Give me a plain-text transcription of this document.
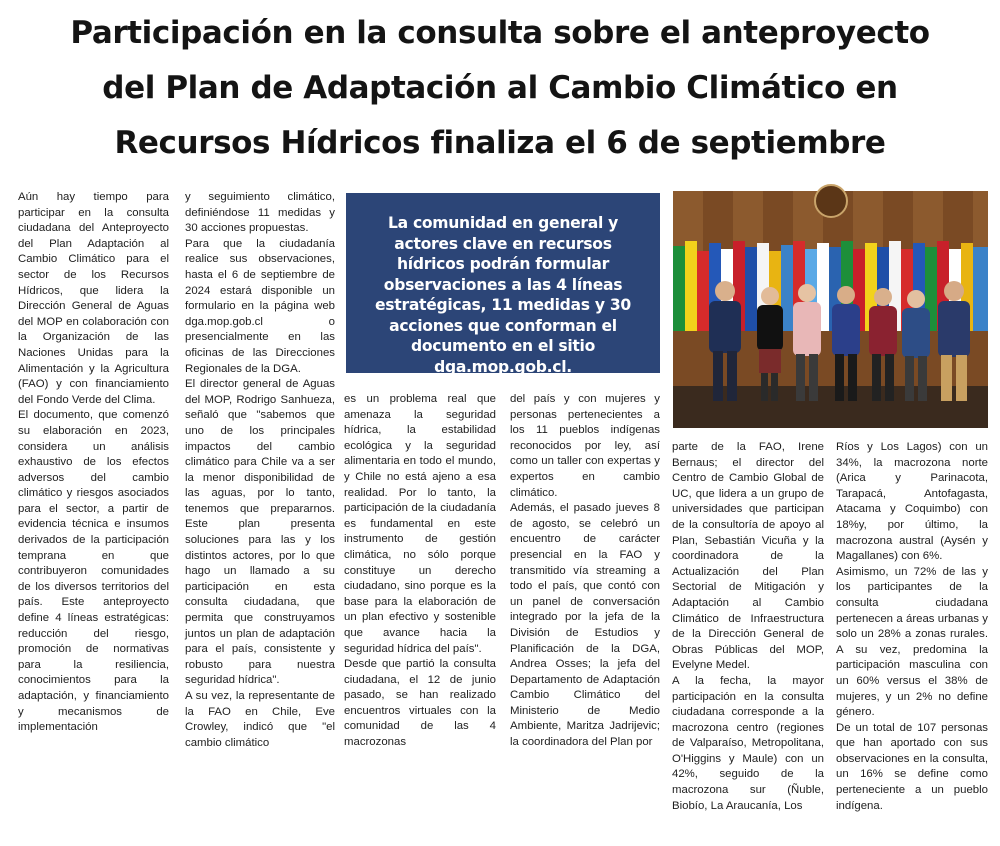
Participación en la consulta sobre el anteproyecto
del Plan de Adaptación al Cambio Climático en
Recursos Hídricos finaliza el 6 de septiembre

Aún hay tiempo para participar en la consulta ciudadana del Anteproyecto del Plan Adaptación al Cambio Climático para el sector de los Recursos Hídricos, que lidera la Dirección General de Aguas del MOP en colaboración con la Organización de las Naciones Unidas para la Alimentación y la Agricultura (FAO) y con financiamiento del Fondo Verde del Clima.

El documento, que comenzó su elaboración en 2023, considera un análisis exhaustivo de los efectos adversos del cambio climático y riesgos asociados para el sector, a partir de evidencia técnica e insumos derivados de la participación temprana en que contribuyeron comunidades de los diversos territorios del país. Este anteproyecto define 4 líneas estratégicas: reducción del riesgo, promoción de normativas para la resiliencia, conocimientos para la adaptación, y financiamiento y mecanismos de implementación

y seguimiento climático, definiéndose 11 medidas y 30 acciones propuestas.

Para que la ciudadanía realice sus observaciones, hasta el 6 de septiembre de 2024 estará disponible un formulario en la página web dga.mop.gob.cl o presencialmente en las oficinas de las Direcciones Regionales de la DGA.

El director general de Aguas del MOP, Rodrigo Sanhueza, señaló que "sabemos que uno de los principales impactos del cambio climático para Chile va a ser la menor disponibilidad de las aguas, por lo tanto, tenemos que prepararnos. Este plan presenta soluciones para las y los distintos actores, por lo que hago un llamado a su participación en esta consulta ciudadana, que permita que construyamos juntos un plan de adaptación para el país, consistente y robusto para nuestra seguridad hídrica".

A su vez, la representante de la FAO en Chile, Eve Crowley, indicó que "el cambio climático

La comunidad en general y actores clave en recursos hídricos podrán formular observaciones a las 4 líneas estratégicas, 11 medidas y 30 acciones que conforman el documento en el sitio dga.mop.gob.cl.

es un problema real que amenaza la seguridad hídrica, la estabilidad ecológica y la seguridad alimentaria en todo el mundo, y Chile no está ajeno a esa realidad. Por lo tanto, la participación de la ciudadanía es fundamental en este instrumento de gestión climática, no sólo porque constituye un derecho ciudadano, sino porque es la base para la elaboración de un plan efectivo y sostenible que avance hacia la seguridad hídrica del país".

Desde que partió la consulta ciudadana, el 12 de junio pasado, se han realizado encuentros virtuales con la comunidad de las 4 macrozonas

del país y con mujeres y personas pertenecientes a los 11 pueblos indígenas reconocidos por ley, así como un taller con expertas y expertos en cambio climático.

Además, el pasado jueves 8 de agosto, se celebró un encuentro de carácter presencial en la FAO y transmitido vía streaming a todo el país, que contó con un panel de conversación integrado por la jefa de la División de Estudios y Planificación de la DGA, Andrea Osses; la jefa del Departamento de Adaptación Cambio Climático del Ministerio de Medio Ambiente, Maritza Jadrijevic; la coordinadora del Plan por

parte de la FAO, Irene Bernaus; el director del Centro de Cambio Global de UC, que lidera a un grupo de universidades que participan de la consultoría de apoyo al Plan, Sebastián Vicuña y la coordinadora de la Actualización del Plan Sectorial de Mitigación y Adaptación al Cambio Climático de Infraestructura de la Dirección General de Obras Públicas del MOP, Evelyne Medel.

A la fecha, la mayor participación en la consulta ciudadana corresponde a la macrozona centro (regiones de Valparaíso, Metropolitana, O'Higgins y Maule) con un 42%, seguido de la macrozona sur (Ñuble, Biobío, La Araucanía, Los

Ríos y Los Lagos) con un 34%, la macrozona norte (Arica y Parinacota, Tarapacá, Antofagasta, Atacama y Coquimbo) con 18%y, por último, la macrozona austral (Aysén y Magallanes) con 6%.

Asimismo, un 72% de las y los participantes de la consulta ciudadana pertenecen a áreas urbanas y solo un 28% a zonas rurales. A su vez, predomina la participación masculina con un 60% versus el 38% de mujeres, y un 2% no define género.

De un total de 107 personas que han aportado con sus observaciones en la consulta, un 16% se define como perteneciente a un pueblo indígena.
